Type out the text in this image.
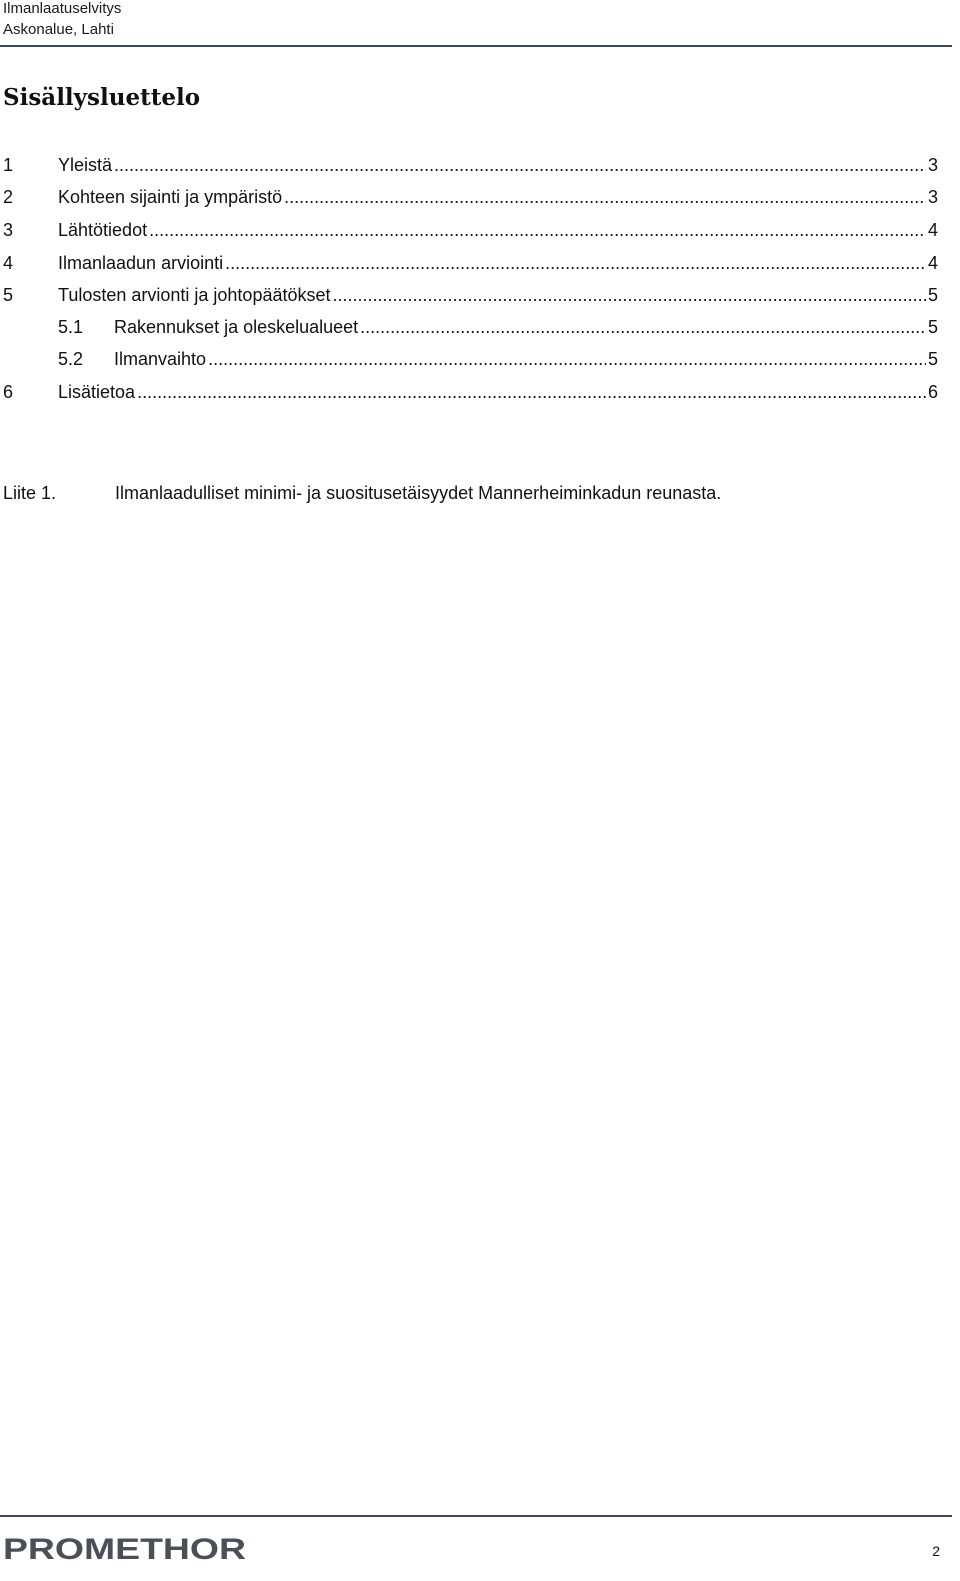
Ilmanlaatuselvitys
Askonalue, Lahti
Sisällysluettelo
1	Yleistä .....	3
2	Kohteen sijainti ja ympäristö .....	3
3	Lähtötiedot .....	4
4	Ilmanlaadun arviointi .....	4
5	Tulosten arvionti ja johtopäätökset .....	5
5.1	Rakennukset ja oleskelualueet .....	5
5.2	Ilmanvaihto .....	5
6	Lisätietoa .....	6
Liite 1.	Ilmanlaadulliset minimi- ja suositusetäisyydet Mannerheiminkadun reunasta.
PROMETHOR	2
